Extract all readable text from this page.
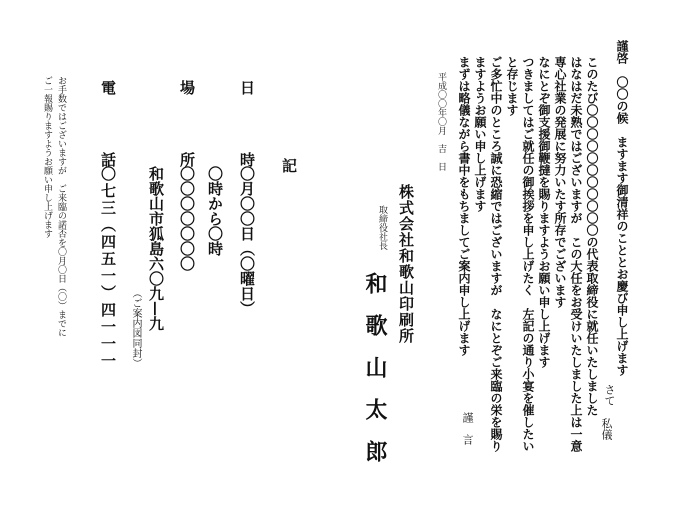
謹啓　〇〇の候　ますます御清祥のこととお慶び申し上げます
私儀
さて
このたび〇〇〇〇〇〇〇〇〇〇〇の代表取締役に就任いたしました
はなはだ未熟ではございますが　この大任をお受けいたしました上は一意
専心社業の発展に努力いたす所存でございます
なにとぞ御支援御鞭撻を賜りますようお願い申し上げます
つきましてはご就任の御挨拶を申し上げたく　左記の通り小宴を催したい
と存じます
ご多忙中のところ誠に恐縮ではございますが　なにとぞご来臨の栄を賜り
ますようお願い申し上げます
まずは略儀ながら書中をもちましてご案内申し上げます
謹　言
平成〇〇年〇月　吉　日
株式会社和歌山印刷所
取締役社長
和歌山太郎
記
日　　　時
〇月〇〇日（〇曜日）
〇時から〇時
場　　　所
〇〇〇〇〇〇〇
和歌山市狐島六〇九—九
（ご案内図同封）
電　　　話
〇七三（四五一）四一一一
お手数ではございますが　ご来臨の諾否を〇月〇日（〇）までに
ご一報賜りますようお願い申し上げます
